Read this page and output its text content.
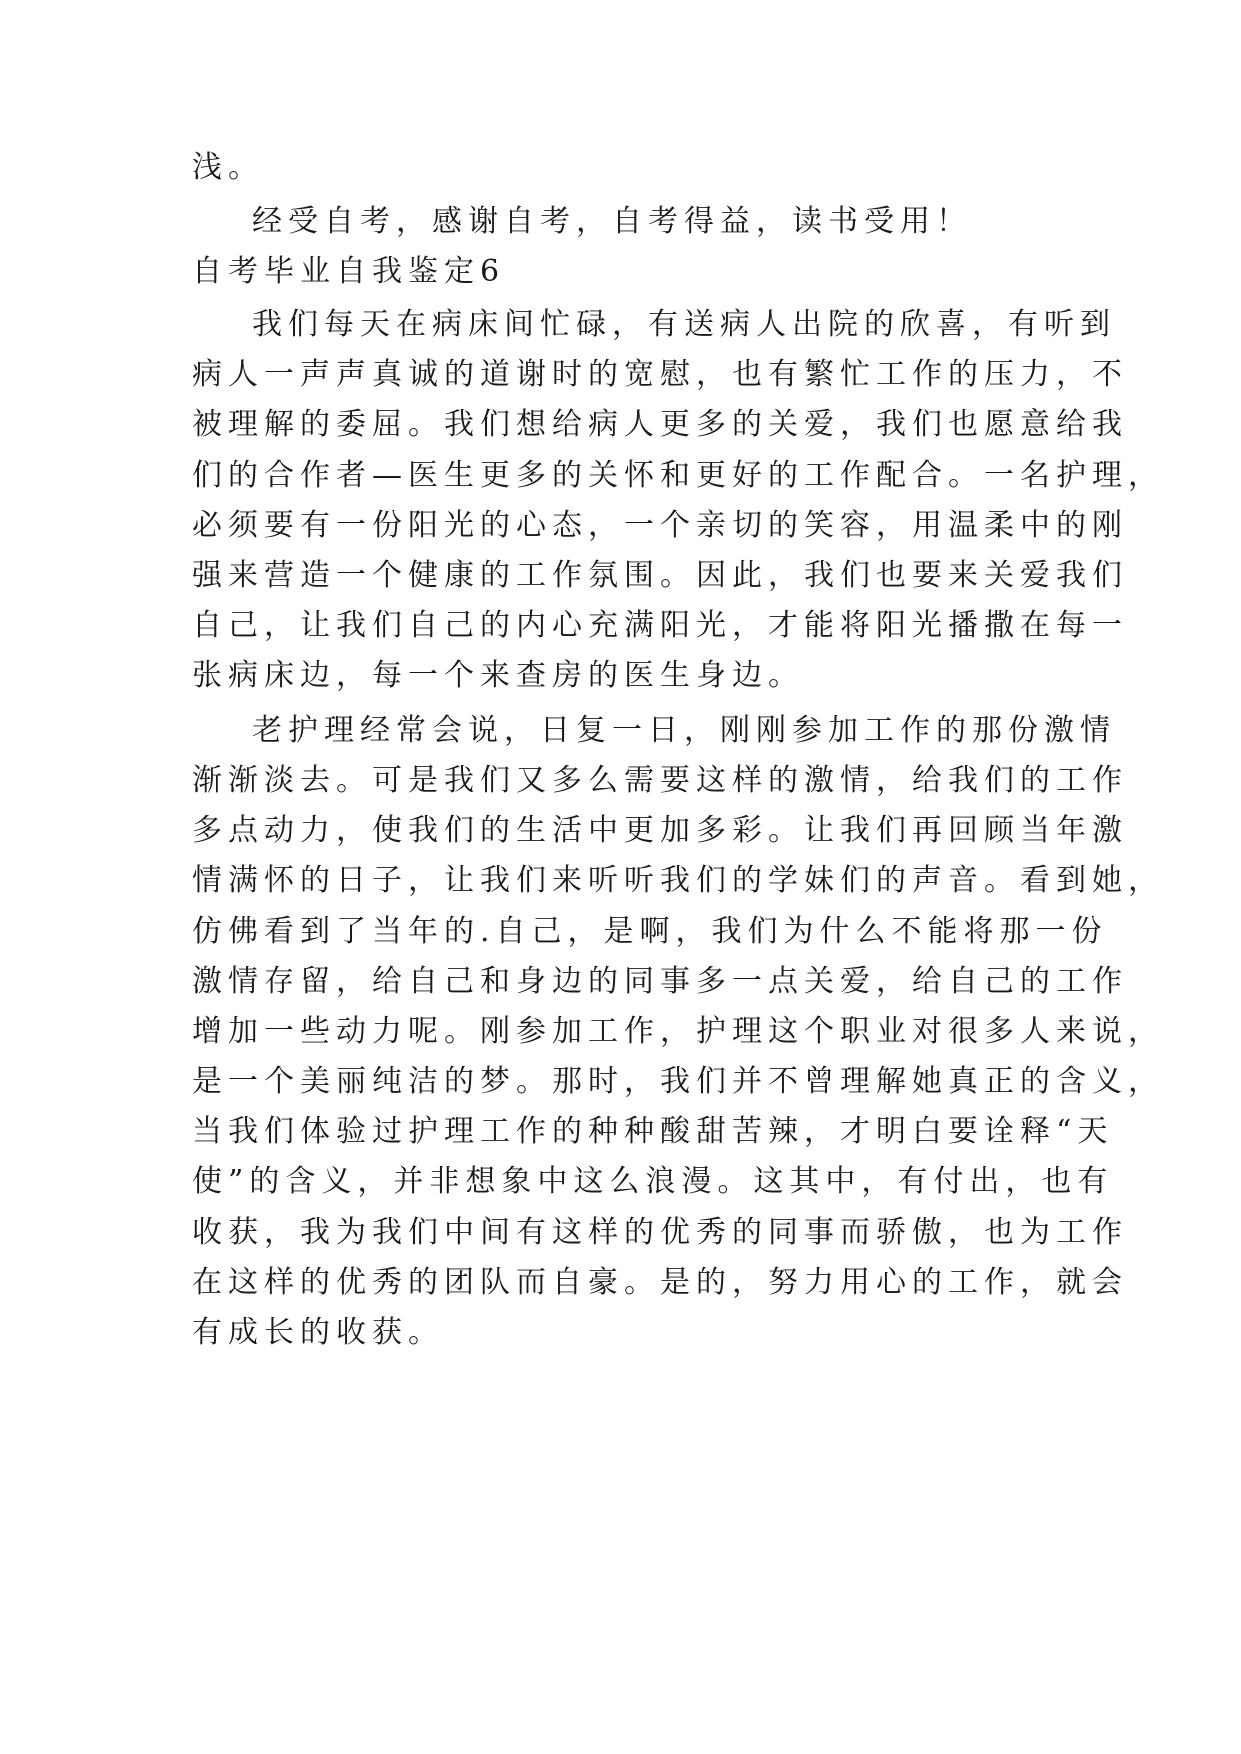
浅。
经受自考，感谢自考，自考得益，读书受用！
自考毕业自我鉴定6
我们每天在病床间忙碌，有送病人出院的欣喜，有听到
病人一声声真诚的道谢时的宽慰，也有繁忙工作的压力，不
被理解的委屈。我们想给病人更多的关爱，我们也愿意给我
们的合作者—医生更多的关怀和更好的工作配合。一名护理，
必须要有一份阳光的心态，一个亲切的笑容，用温柔中的刚
强来营造一个健康的工作氛围。因此，我们也要来关爱我们
自己，让我们自己的内心充满阳光，才能将阳光播撒在每一
张病床边，每一个来查房的医生身边。
老护理经常会说，日复一日，刚刚参加工作的那份激情
渐渐淡去。可是我们又多么需要这样的激情，给我们的工作
多点动力，使我们的生活中更加多彩。让我们再回顾当年激
情满怀的日子，让我们来听听我们的学妹们的声音。看到她，
仿佛看到了当年的.自己，是啊，我们为什么不能将那一份
激情存留，给自己和身边的同事多一点关爱，给自己的工作
增加一些动力呢。刚参加工作，护理这个职业对很多人来说，
是一个美丽纯洁的梦。那时，我们并不曾理解她真正的含义，
当我们体验过护理工作的种种酸甜苦辣，才明白要诠释“天
使”的含义，并非想象中这么浪漫。这其中，有付出，也有
收获，我为我们中间有这样的优秀的同事而骄傲，也为工作
在这样的优秀的团队而自豪。是的，努力用心的工作，就会
有成长的收获。
